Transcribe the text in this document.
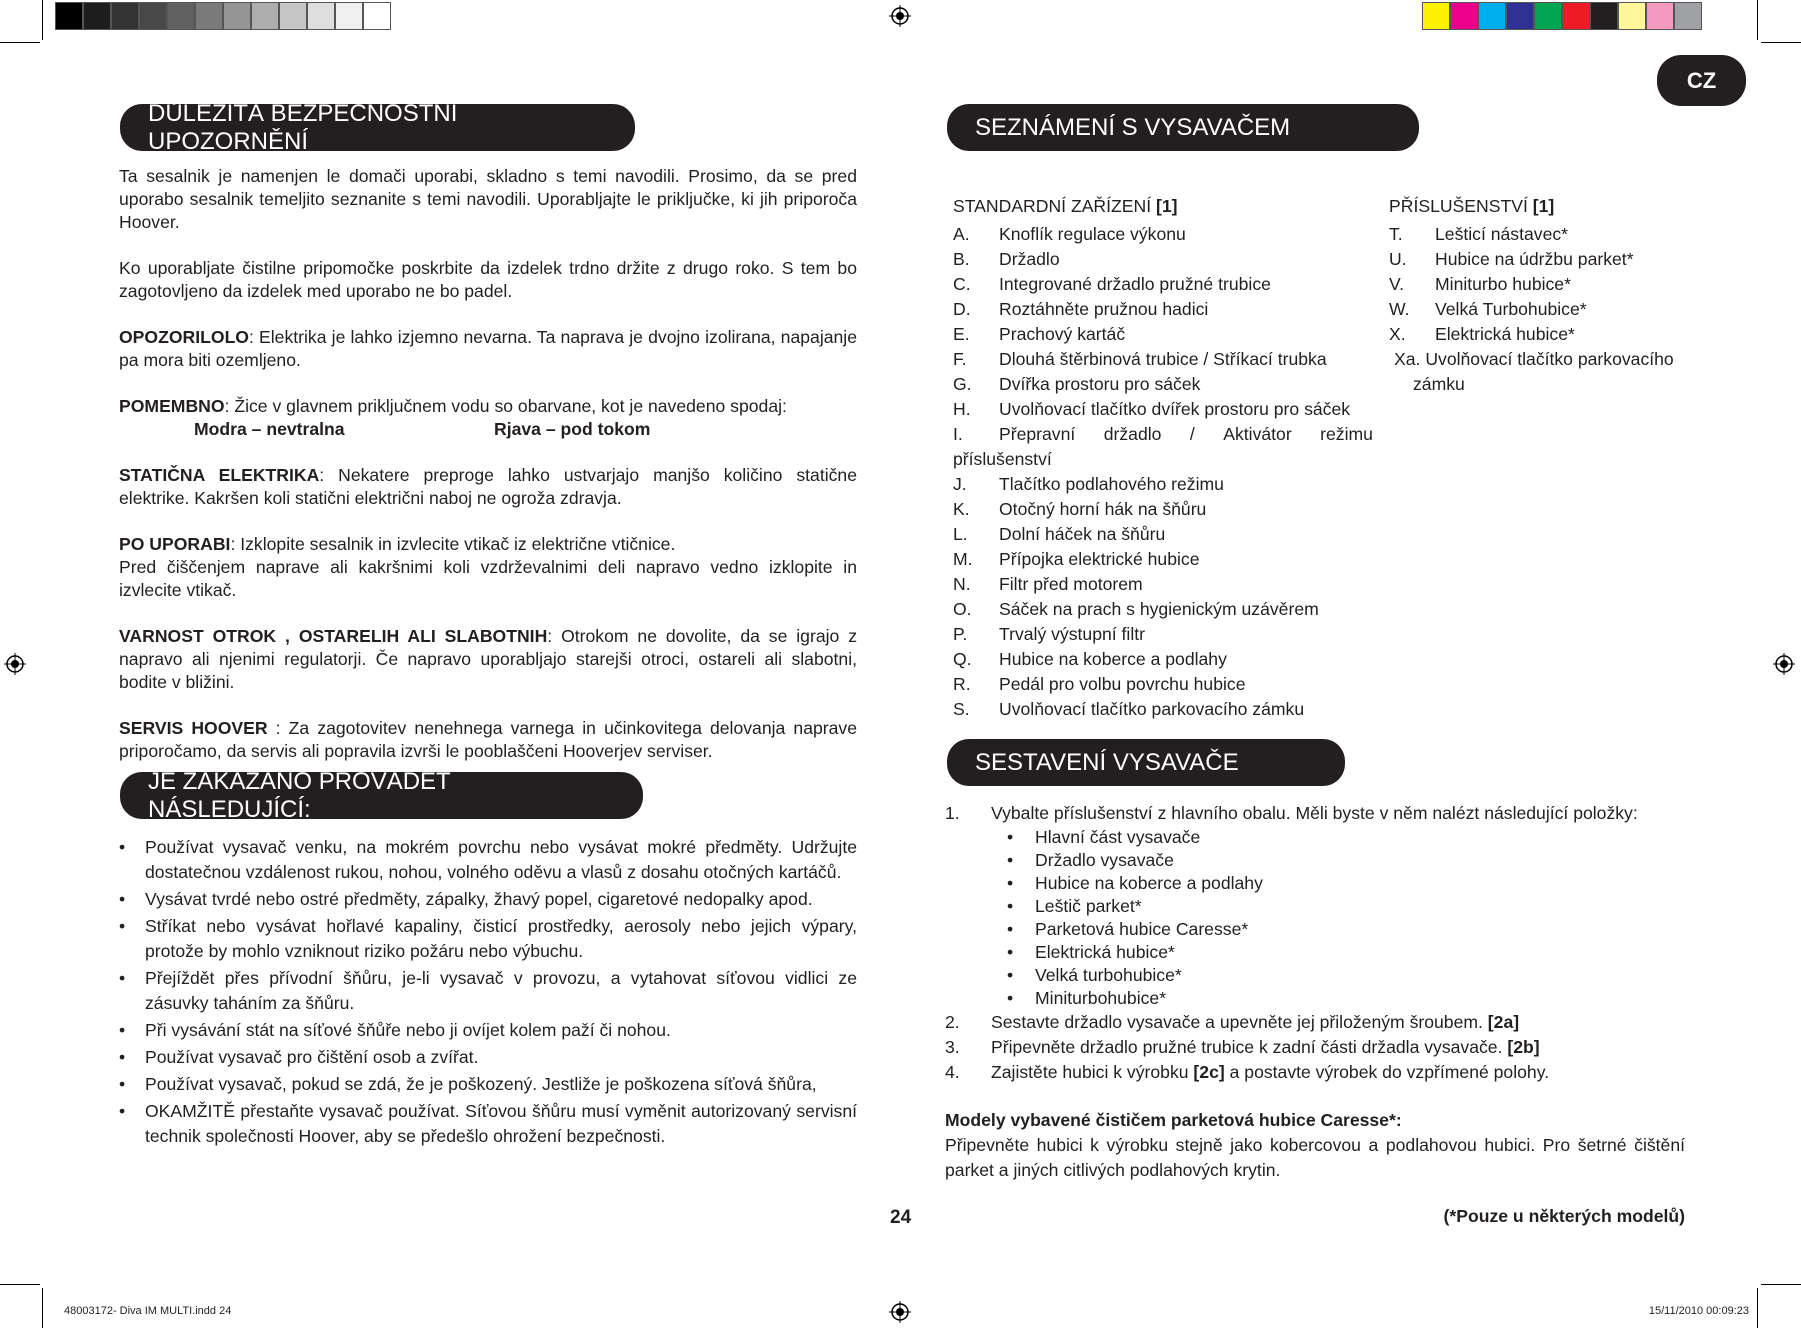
CZ
DŮLEŽITÁ BEZPEČNOSTNÍ UPOZORNĚNÍ

Ta sesalnik je namenjen le domači uporabi, skladno s temi navodili. Prosimo, da se pred uporabo sesalnik temeljito seznanite s temi navodili. Uporabljajte le priključke, ki jih priporoča Hoover.

Ko uporabljate čistilne pripomočke poskrbite da izdelek trdno držite z drugo roko. S tem bo zagotovljeno da izdelek med uporabo ne bo padel.

OPOZORILOLO: Elektrika je lahko izjemno nevarna. Ta naprava je dvojno izolirana, napajanje pa mora biti ozemljeno.

POMEMBNO: Žice v glavnem priključnem vodu so obarvane, kot je navedeno spodaj:

Modra – nevtralna	Rjava – pod tokom

STATIČNA ELEKTRIKA: Nekatere preproge lahko ustvarjajo manjšo količino statične elektrike. Kakršen koli statični električni naboj ne ogroža zdravja.

PO UPORABI: Izklopite sesalnik in izvlecite vtikač iz električne vtičnice.

Pred čiščenjem naprave ali kakršnimi koli vzdrževalnimi deli napravo vedno izklopite in izvlecite vtikač.

VARNOST OTROK , OSTARELIH ALI SLABOTNIH: Otrokom ne dovolite, da se igrajo z napravo ali njenimi regulatorji. Če napravo uporabljajo starejši otroci, ostareli ali slabotni, bodite v bližini.

SERVIS HOOVER : Za zagotovitev nenehnega varnega in učinkovitega delovanja naprave priporočamo, da servis ali popravila izvrši le pooblaščeni Hooverjev serviser.

JE ZAKÁZÁNO PROVÁDĚT NÁSLEDUJÍCÍ:
• Používat vysavač venku, na mokrém povrchu nebo vysávat mokré předměty. Udržujte dostatečnou vzdálenost rukou, nohou, volného oděvu a vlasů z dosahu otočných kartáčů.
• Vysávat tvrdé nebo ostré předměty, zápalky, žhavý popel, cigaretové nedopalky apod.
• Stříkat nebo vysávat hořlavé kapaliny, čisticí prostředky, aerosoly nebo jejich výpary, protože by mohlo vzniknout riziko požáru nebo výbuchu.
• Přejíždět přes přívodní šňůru, je-li vysavač v provozu, a vytahovat síťovou vidlici ze zásuvky taháním za šňůru.
• Při vysávání stát na síťové šňůře nebo ji ovíjet kolem paží či nohou.
• Používat vysavač pro čištění osob a zvířat.
• Používat vysavač, pokud se zdá, že je poškozený. Jestliže je poškozena síťová šňůra,
• OKAMŽITĚ přestaňte vysavač používat. Síťovou šňůru musí vyměnit autorizovaný servisní technik společnosti Hoover, aby se předešlo ohrožení bezpečnosti.
24
SEZNÁMENÍ S VYSAVAČEM
STANDARDNÍ ZAŘÍZENÍ [1]
A.	Knoflík regulace výkonu
B.	Držadlo
C.	Integrované držadlo pružné trubice
D.	Roztáhněte pružnou hadici
E.	Prachový kartáč
F.	Dlouhá štěrbinová trubice / Stříkací trubka
G.	Dvířka prostoru pro sáček
H.	Uvolňovací tlačítko dvířek prostoru pro sáček
I.	Přepravní držadlo / Aktivátor režimu
příslušenství
J.	Tlačítko podlahového režimu
K.	Otočný horní hák na šňůru
L.	Dolní háček na šňůru
M.	Přípojka elektrické hubice
N.	Filtr před motorem
O.	Sáček na prach s hygienickým uzávěrem
P.	Trvalý výstupní filtr
Q.	Hubice na koberce a podlahy
R.	Pedál pro volbu povrchu hubice
S.	Uvolňovací tlačítko parkovacího zámku
PŘÍSLUŠENSTVÍ [1]
T.	Lešticí nástavec*
U.	Hubice na údržbu parket*
V.	Miniturbo hubice*
W.	Velká Turbohubice*
X.	Elektrická hubice*
Xa. Uvolňovací tlačítko parkovacího
zámku
SESTAVENÍ VYSAVAČE
1.	Vybalte příslušenství z hlavního obalu. Měli byste v něm nalézt následující položky:
• Hlavní část vysavače
• Držadlo vysavače
• Hubice na koberce a podlahy
• Leštič parket*
• Parketová hubice Caresse*
• Elektrická hubice*
• Velká turbohubice*
• Miniturbohubice*
2.	Sestavte držadlo vysavače a upevněte jej přiloženým šroubem. [2a]
3.	Připevněte držadlo pružné trubice k zadní části držadla vysavače. [2b]
4.	Zajistěte hubici k výrobku [2c] a postavte výrobek do vzpřímené polohy.
Modely vybavené čističem parketová hubice Caresse*:
Připevněte hubici k výrobku stejně jako kobercovou a podlahovou hubici. Pro šetrné čištění parket a jiných citlivých podlahových krytin.
(*Pouze u některých modelů)
48003172- Diva IM MULTI.indd 24	15/11/2010 00:09:23
